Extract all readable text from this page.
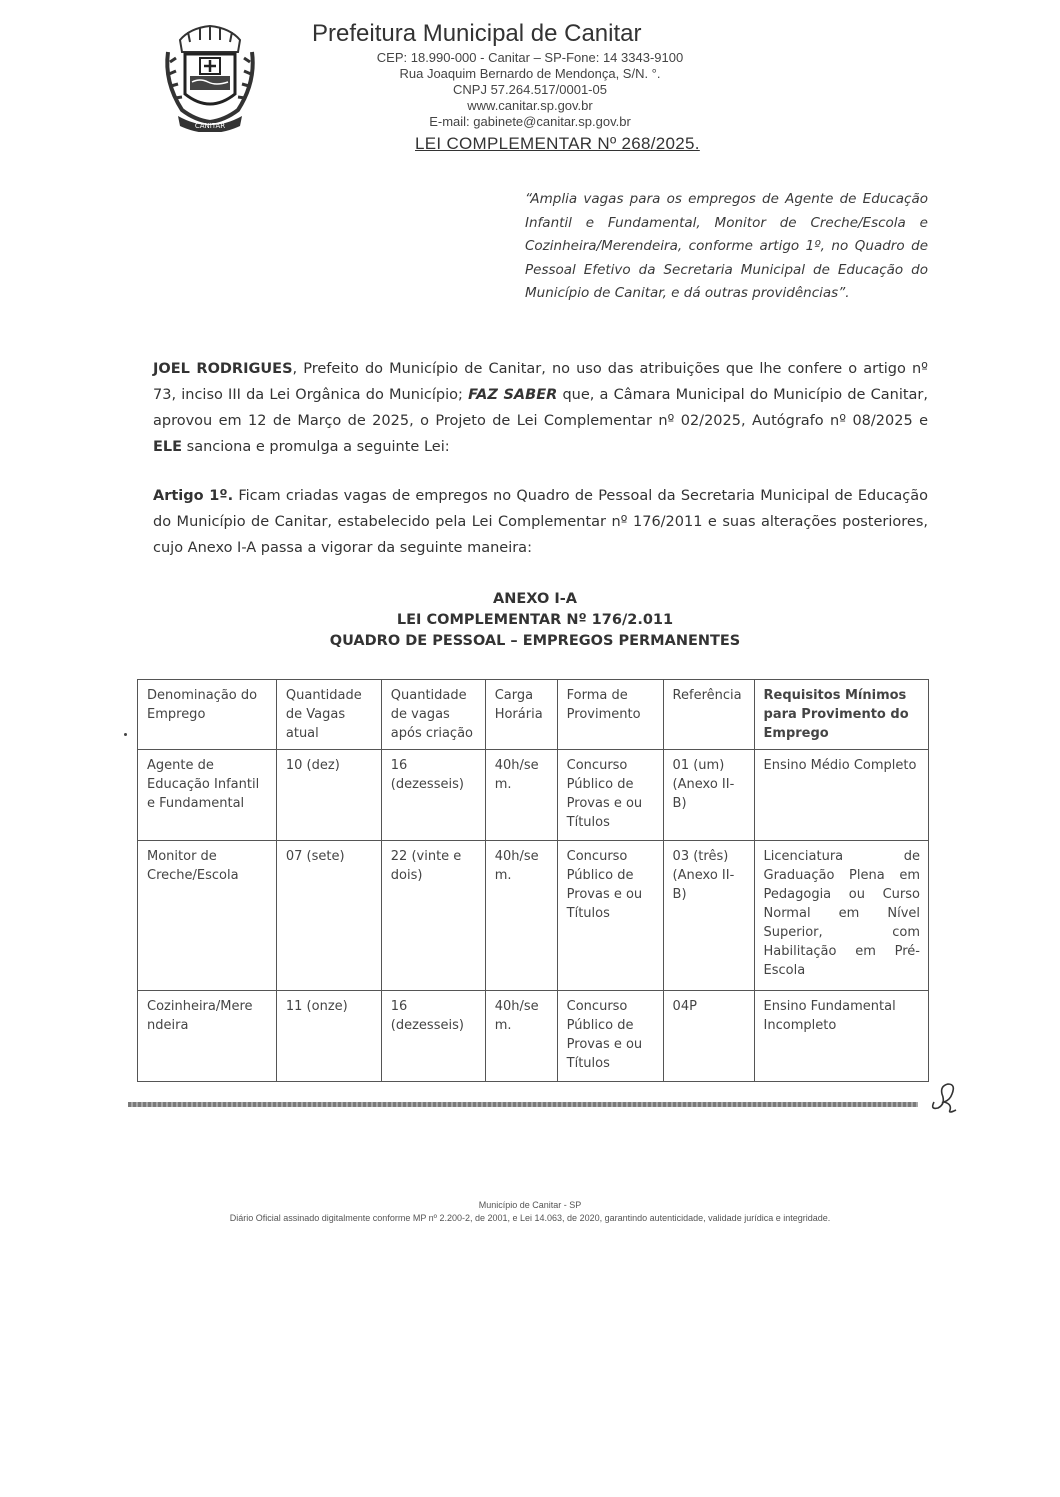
CANITAR
Prefeitura Municipal de Canitar
CEP: 18.990-000 - Canitar – SP-Fone: 14 3343-9100
Rua Joaquim Bernardo de Mendonça, S/N. °.
CNPJ 57.264.517/0001-05
www.canitar.sp.gov.br
E-mail: gabinete@canitar.sp.gov.br
LEI COMPLEMENTAR Nº 268/2025.
“Amplia vagas para os empregos de Agente de Educação Infantil e Fundamental, Monitor de Creche/Escola e Cozinheira/Merendeira, conforme artigo 1º, no Quadro de Pessoal Efetivo da Secretaria Municipal de Educação do Município de Canitar, e dá outras providências”.
JOEL RODRIGUES, Prefeito do Município de Canitar, no uso das atribuições que lhe confere o artigo nº 73, inciso III da Lei Orgânica do Município; FAZ SABER que, a Câmara Municipal do Município de Canitar, aprovou em 12 de Março de 2025, o Projeto de Lei Complementar nº 02/2025, Autógrafo nº 08/2025 e ELE sanciona e promulga a seguinte Lei:
Artigo 1º. Ficam criadas vagas de empregos no Quadro de Pessoal da Secretaria Municipal de Educação do Município de Canitar, estabelecido pela Lei Complementar nº 176/2011 e suas alterações posteriores, cujo Anexo I-A passa a vigorar da seguinte maneira:
ANEXO I-A
LEI COMPLEMENTAR Nº 176/2.011
QUADRO DE PESSOAL – EMPREGOS PERMANENTES
Denominação do Emprego	Quantidade de Vagas atual	Quantidade de vagas após criação	Carga Horária	Forma de Provimento	Referência	Requisitos Mínimos para Provimento do Emprego
Agente de Educação Infantil e Fundamental	10 (dez)	16 (dezesseis)	40h/se m.	Concurso Público de Provas e ou Títulos	01 (um) (Anexo II-B)	Ensino Médio Completo
Monitor de Creche/Escola	07 (sete)	22 (vinte e dois)	40h/se m.	Concurso Público de Provas e ou Títulos	03 (três) (Anexo II-B)	Licenciatura de Graduação Plena em Pedagogia ou Curso Normal em Nível Superior, com Habilitação em Pré-Escola
Cozinheira/Mere ndeira	11 (onze)	16 (dezesseis)	40h/se m.	Concurso Público de Provas e ou Títulos	04P	Ensino Fundamental Incompleto
Município de Canitar - SP
Diário Oficial assinado digitalmente conforme MP nº 2.200-2, de 2001, e Lei 14.063, de 2020, garantindo autenticidade, validade jurídica e integridade.
